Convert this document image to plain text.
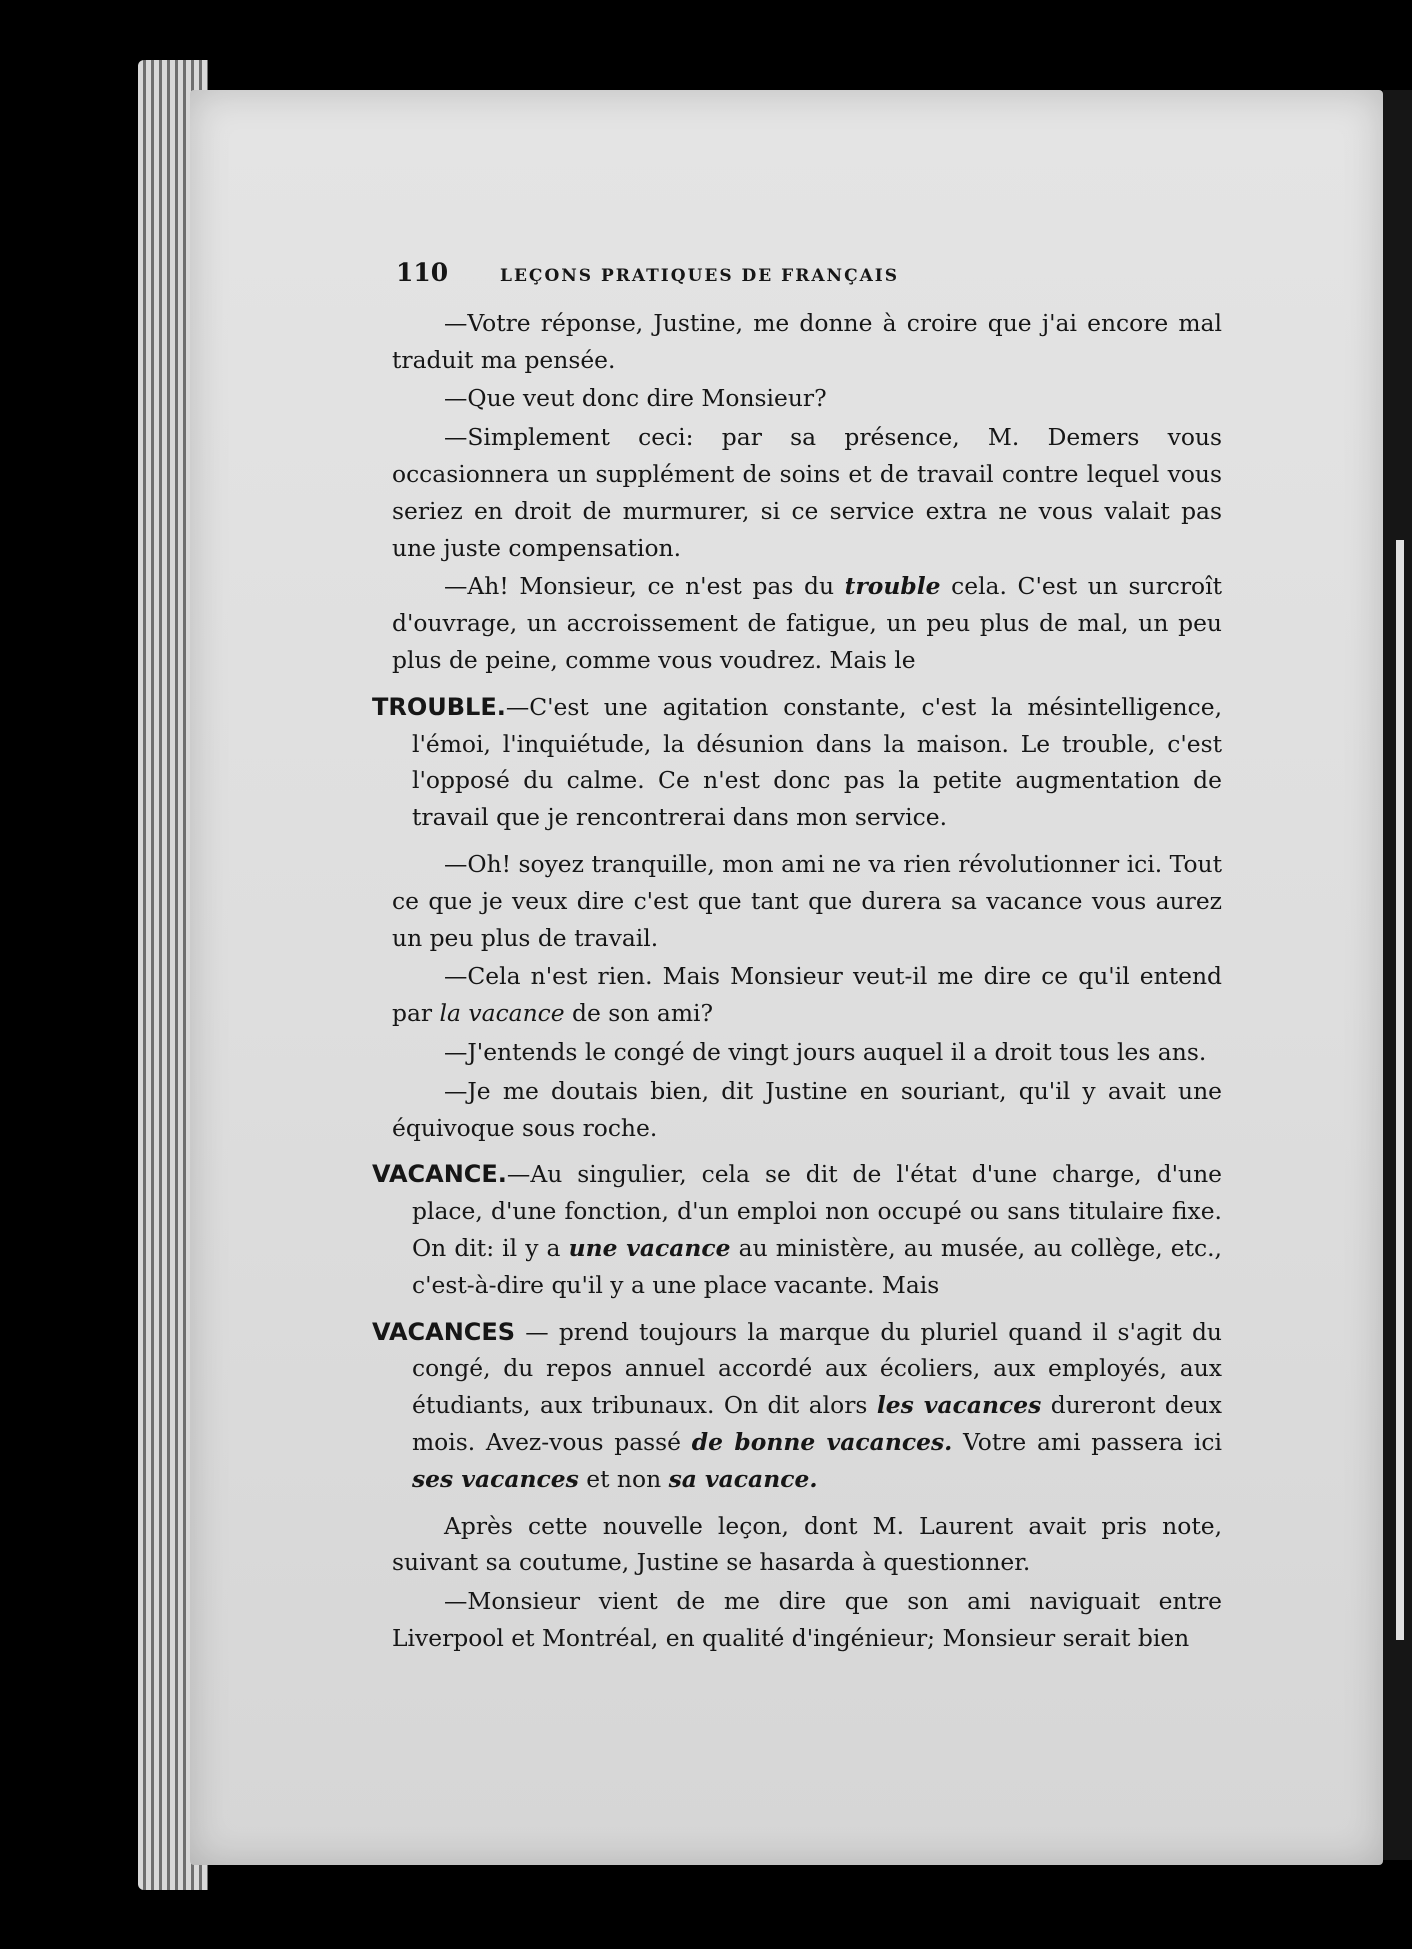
110	LEÇONS PRATIQUES DE FRANÇAIS

—Votre réponse, Justine, me donne à croire que j'ai encore mal traduit ma pensée.

—Que veut donc dire Monsieur?

—Simplement ceci: par sa présence, M. Demers vous occasionnera un supplément de soins et de travail contre lequel vous seriez en droit de murmurer, si ce service extra ne vous valait pas une juste compensation.

—Ah! Monsieur, ce n'est pas du trouble cela. C'est un surcroît d'ouvrage, un accroissement de fatigue, un peu plus de mal, un peu plus de peine, comme vous voudrez. Mais le

TROUBLE.—C'est une agitation constante, c'est la mésintelligence, l'émoi, l'inquiétude, la désunion dans la maison. Le trouble, c'est l'opposé du calme. Ce n'est donc pas la petite augmentation de travail que je rencontrerai dans mon service.

—Oh! soyez tranquille, mon ami ne va rien révolutionner ici. Tout ce que je veux dire c'est que tant que durera sa vacance vous aurez un peu plus de travail.

—Cela n'est rien. Mais Monsieur veut-il me dire ce qu'il entend par la vacance de son ami?

—J'entends le congé de vingt jours auquel il a droit tous les ans.

—Je me doutais bien, dit Justine en souriant, qu'il y avait une équivoque sous roche.

VACANCE.—Au singulier, cela se dit de l'état d'une charge, d'une place, d'une fonction, d'un emploi non occupé ou sans titulaire fixe. On dit: il y a une vacance au ministère, au musée, au collège, etc., c'est-à-dire qu'il y a une place vacante. Mais

VACANCES — prend toujours la marque du pluriel quand il s'agit du congé, du repos annuel accordé aux écoliers, aux employés, aux étudiants, aux tribunaux. On dit alors les vacances dureront deux mois. Avez-vous passé de bonne vacances. Votre ami passera ici ses vacances et non sa vacance.

Après cette nouvelle leçon, dont M. Laurent avait pris note, suivant sa coutume, Justine se hasarda à questionner.

—Monsieur vient de me dire que son ami naviguait entre Liverpool et Montréal, en qualité d'ingénieur; Monsieur serait bien
